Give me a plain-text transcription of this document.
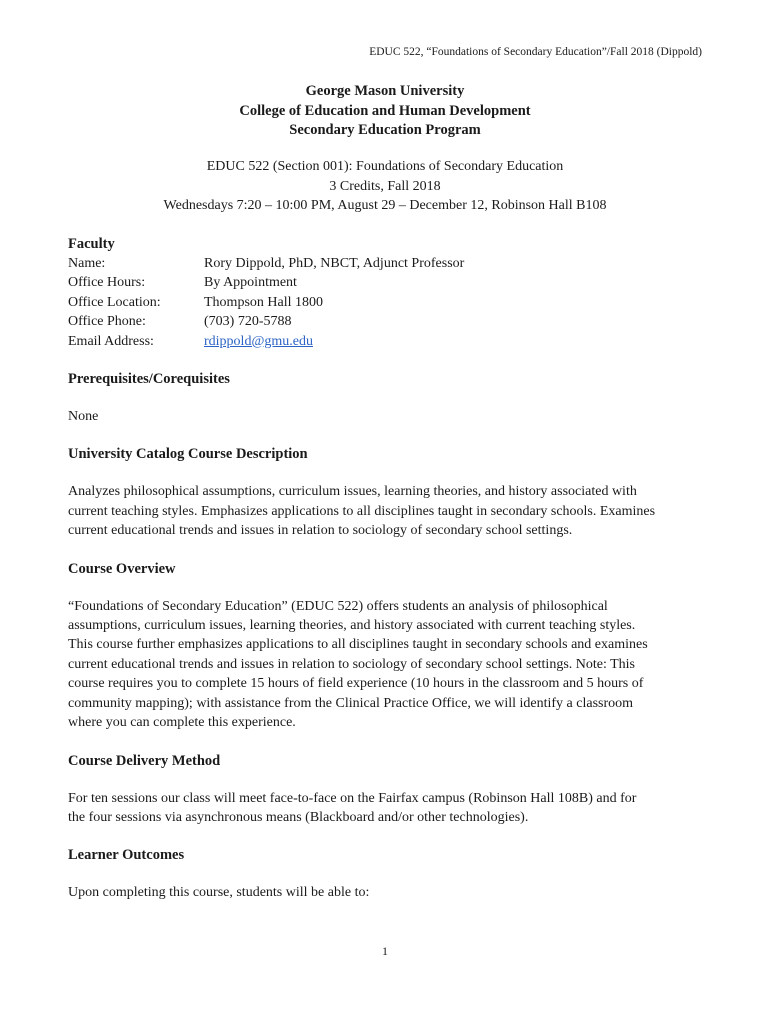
EDUC 522, “Foundations of Secondary Education”/Fall 2018 (Dippold)
George Mason University
College of Education and Human Development
Secondary Education Program
EDUC 522 (Section 001): Foundations of Secondary Education
3 Credits, Fall 2018
Wednesdays 7:20 – 10:00 PM, August 29 – December 12, Robinson Hall B108
Faculty
Name:	Rory Dippold, PhD, NBCT, Adjunct Professor
Office Hours:	By Appointment
Office Location:	Thompson Hall 1800
Office Phone:	(703) 720-5788
Email Address:	rdippold@gmu.edu
Prerequisites/Corequisites

None

University Catalog Course Description

Analyzes philosophical assumptions, curriculum issues, learning theories, and history associated with

current teaching styles. Emphasizes applications to all disciplines taught in secondary schools. Examines

current educational trends and issues in relation to sociology of secondary school settings.

Course Overview

“Foundations of Secondary Education” (EDUC 522) offers students an analysis of philosophical

assumptions, curriculum issues, learning theories, and history associated with current teaching styles.

This course further emphasizes applications to all disciplines taught in secondary schools and examines

current educational trends and issues in relation to sociology of secondary school settings. Note: This

course requires you to complete 15 hours of field experience (10 hours in the classroom and 5 hours of

community mapping); with assistance from the Clinical Practice Office, we will identify a classroom

where you can complete this experience.

Course Delivery Method

For ten sessions our class will meet face-to-face on the Fairfax campus (Robinson Hall 108B) and for

the four sessions via asynchronous means (Blackboard and/or other technologies).

Learner Outcomes

Upon completing this course, students will be able to:

1
